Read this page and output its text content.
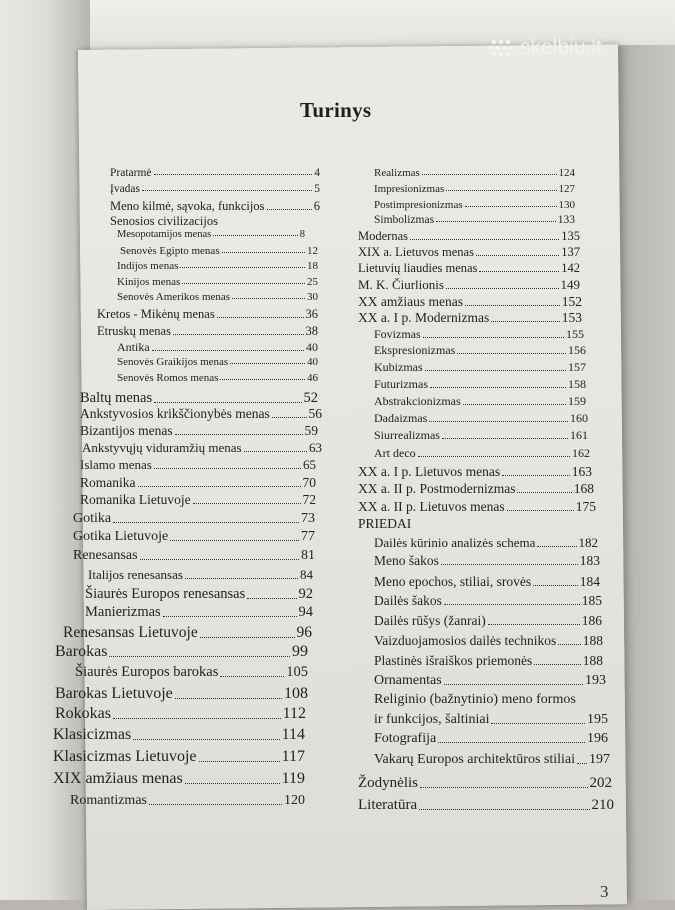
skelbiu.lt
Turinys
Pratarmė	4
Įvadas	5
Meno kilmė, sąvoka, funkcijos	6
Senosios civilizacijos
Mesopotamijos menas	8
Senovės Egipto menas	12
Indijos menas	18
Kinijos menas	25
Senovės Amerikos menas	30
Kretos - Mikėnų menas	36
Etruskų menas	38
Antika	40
Senovės Graikijos menas	40
Senovės Romos menas	46
Baltų menas	52
Ankstyvosios krikščionybės menas	56
Bizantijos menas	59
Ankstyvųjų viduramžių menas	63
Islamo menas	65
Romanika	70
Romanika Lietuvoje	72
Gotika	73
Gotika Lietuvoje	77
Renesansas	81
Italijos renesansas	84
Šiaurės Europos renesansas	92
Manierizmas	94
Renesansas Lietuvoje	96
Barokas	99
Šiaurės Europos barokas	105
Barokas Lietuvoje	108
Rokokas	112
Klasicizmas	114
Klasicizmas Lietuvoje	117
XIX amžiaus menas	119
Romantizmas	120
Realizmas	124
Impresionizmas	127
Postimpresionizmas	130
Simbolizmas	133
Modernas	135
XIX a. Lietuvos menas	137
Lietuvių liaudies menas	142
M. K. Čiurlionis	149
XX amžiaus menas	152
XX a. I p. Modernizmas	153
Fovizmas	155
Ekspresionizmas	156
Kubizmas	157
Futurizmas	158
Abstrakcionizmas	159
Dadaizmas	160
Siurrealizmas	161
Art deco	162
XX a. I p. Lietuvos menas	163
XX a. II p. Postmodernizmas	168
XX a. II p. Lietuvos menas	175
PRIEDAI
Dailės kūrinio analizės schema	182
Meno šakos	183
Meno epochos, stiliai, srovės	184
Dailės šakos	185
Dailės rūšys (žanrai)	186
Vaizduojamosios dailės technikos 188
Plastinės išraiškos priemonės	188
Ornamentas	193
Religinio (bažnytinio) meno formos
ir funkcijos, šaltiniai	195
Fotografija	196
Vakarų Europos architektūros stiliai 197
Žodynėlis	202
Literatūra	210
3
